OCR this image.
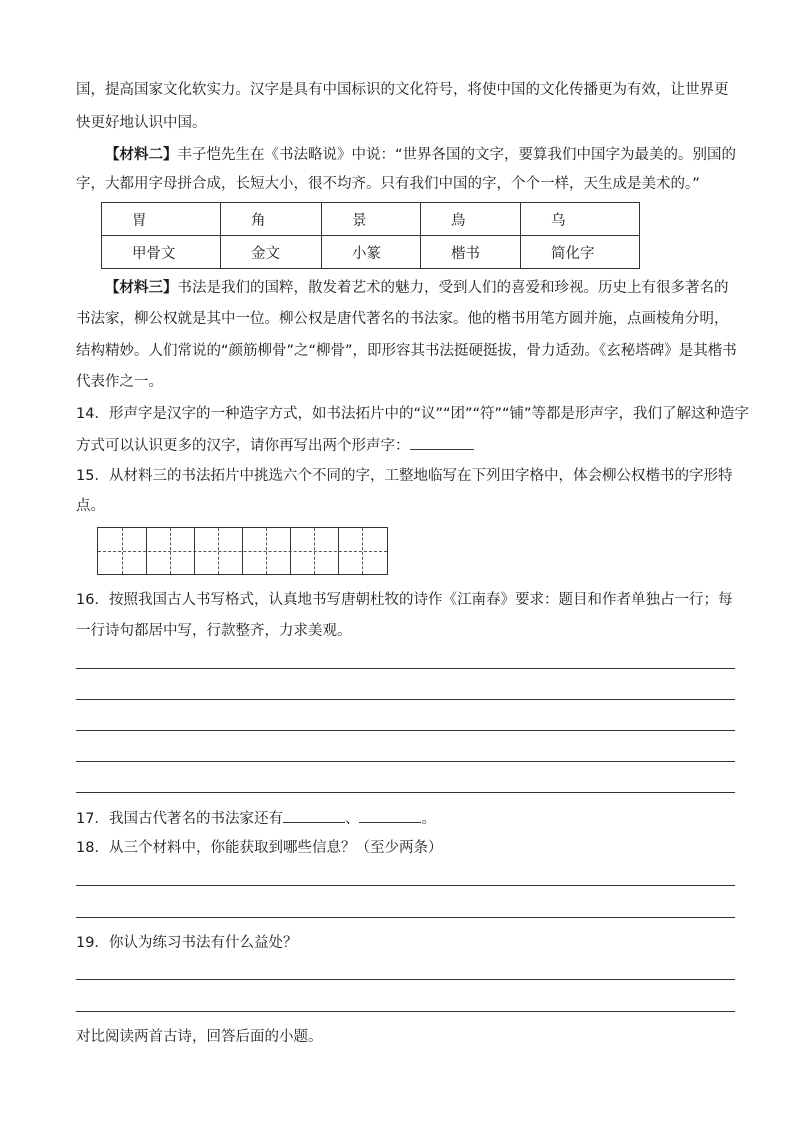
国，提高国家文化软实力。汉字是具有中国标识的文化符号，将使中国的文化传播更为有效，让世界更
快更好地认识中国。
【材料二】丰子恺先生在《书法略说》中说：“世界各国的文字，要算我们中国字为最美的。别国的
字，大都用字母拼合成，长短大小，很不均齐。只有我们中国的字，个个一样，天生成是美术的。”
胃	角	景	鳥	乌
甲骨文	金文	小篆	楷书	简化字
【材料三】书法是我们的国粹，散发着艺术的魅力，受到人们的喜爱和珍视。历史上有很多著名的
书法家，柳公权就是其中一位。柳公权是唐代著名的书法家。他的楷书用笔方圆并施，点画棱角分明，
结构精妙。人们常说的“颜筋柳骨”之“柳骨”，即形容其书法挺硬挺拔，骨力适劲。《玄秘塔碑》是其楷书
代表作之一。
14．形声字是汉字的一种造字方式，如书法拓片中的“议”“团”“符”“铺”等都是形声字，我们了解这种造字
方式可以认识更多的汉字，请你再写出两个形声字：
15．从材料三的书法拓片中挑选六个不同的字，工整地临写在下列田字格中，体会柳公权楷书的字形特
点。
16．按照我国古人书写格式，认真地书写唐朝杜牧的诗作《江南春》要求：题目和作者单独占一行；每
一行诗句都居中写，行款整齐，力求美观。
17．我国古代著名的书法家还有	、	。
18．从三个材料中，你能获取到哪些信息？（至少两条）
19．你认为练习书法有什么益处？
对比阅读两首古诗，回答后面的小题。
